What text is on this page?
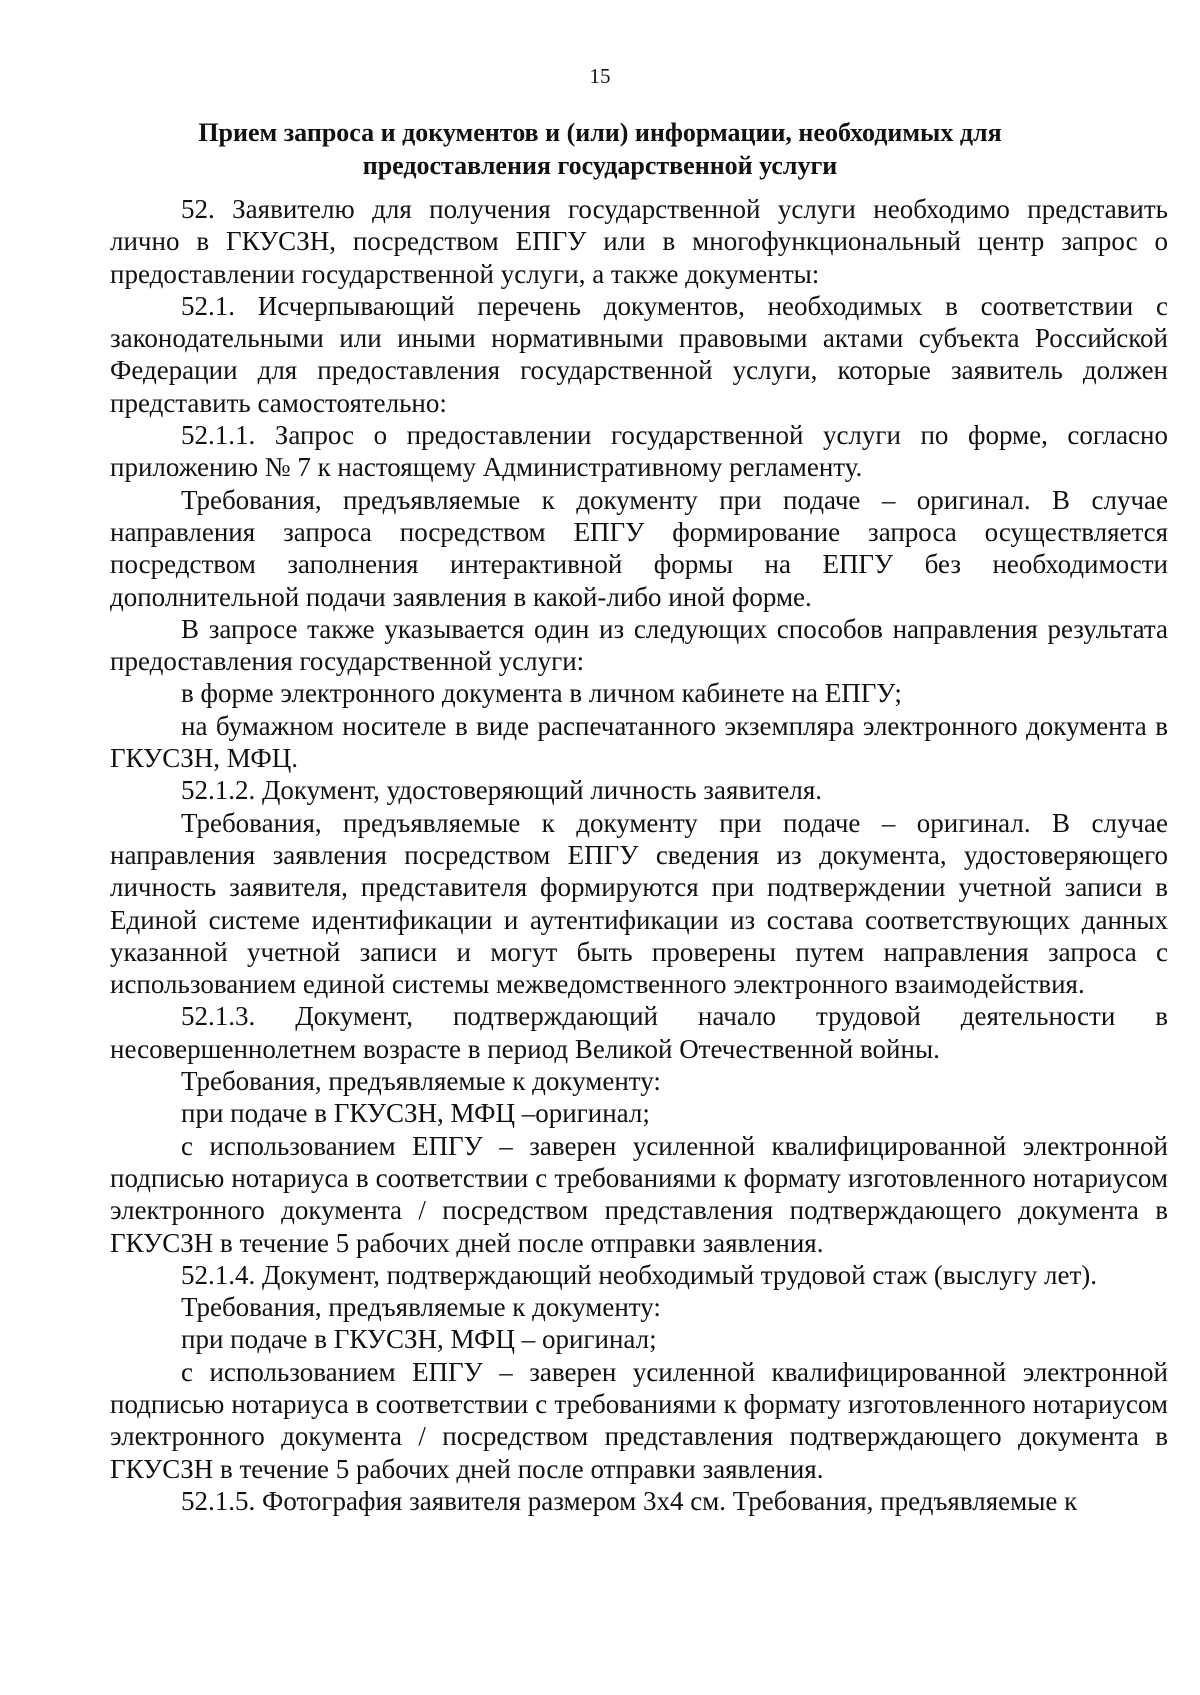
15
Прием запроса и документов и (или) информации, необходимых для предоставления государственной услуги

52. Заявителю для получения государственной услуги необходимо представить лично в ГКУСЗН, посредством ЕПГУ или в многофункциональный центр запрос о предоставлении государственной услуги, а также документы:

52.1. Исчерпывающий перечень документов, необходимых в соответствии с законодательными или иными нормативными правовыми актами субъекта Российской Федерации для предоставления государственной услуги, которые заявитель должен представить самостоятельно:

52.1.1. Запрос о предоставлении государственной услуги по форме, согласно приложению № 7 к настоящему Административному регламенту.

Требования, предъявляемые к документу при подаче – оригинал. В случае направления запроса посредством ЕПГУ формирование запроса осуществляется посредством заполнения интерактивной формы на ЕПГУ без необходимости дополнительной подачи заявления в какой-либо иной форме.

В запросе также указывается один из следующих способов направления результата предоставления государственной услуги:

в форме электронного документа в личном кабинете на ЕПГУ;

на бумажном носителе в виде распечатанного экземпляра электронного документа в ГКУСЗН, МФЦ.

52.1.2. Документ, удостоверяющий личность заявителя.

Требования, предъявляемые к документу при подаче – оригинал. В случае направления заявления посредством ЕПГУ сведения из документа, удостоверяющего личность заявителя, представителя формируются при подтверждении учетной записи в Единой системе идентификации и аутентификации из состава соответствующих данных указанной учетной записи и могут быть проверены путем направления запроса с использованием единой системы межведомственного электронного взаимодействия.

52.1.3. Документ, подтверждающий начало трудовой деятельности в несовершеннолетнем возрасте в период Великой Отечественной войны.

Требования, предъявляемые к документу:

при подаче в ГКУСЗН, МФЦ –оригинал;

с использованием ЕПГУ – заверен усиленной квалифицированной электронной подписью нотариуса в соответствии с требованиями к формату изготовленного нотариусом электронного документа / посредством представления подтверждающего документа в ГКУСЗН в течение 5 рабочих дней после отправки заявления.

52.1.4. Документ, подтверждающий необходимый трудовой стаж (выслугу лет).

Требования, предъявляемые к документу:

при подаче в ГКУСЗН, МФЦ – оригинал;

с использованием ЕПГУ – заверен усиленной квалифицированной электронной подписью нотариуса в соответствии с требованиями к формату изготовленного нотариусом электронного документа / посредством представления подтверждающего документа в ГКУСЗН в течение 5 рабочих дней после отправки заявления.

52.1.5. Фотография заявителя размером 3х4 см. Требования, предъявляемые к
